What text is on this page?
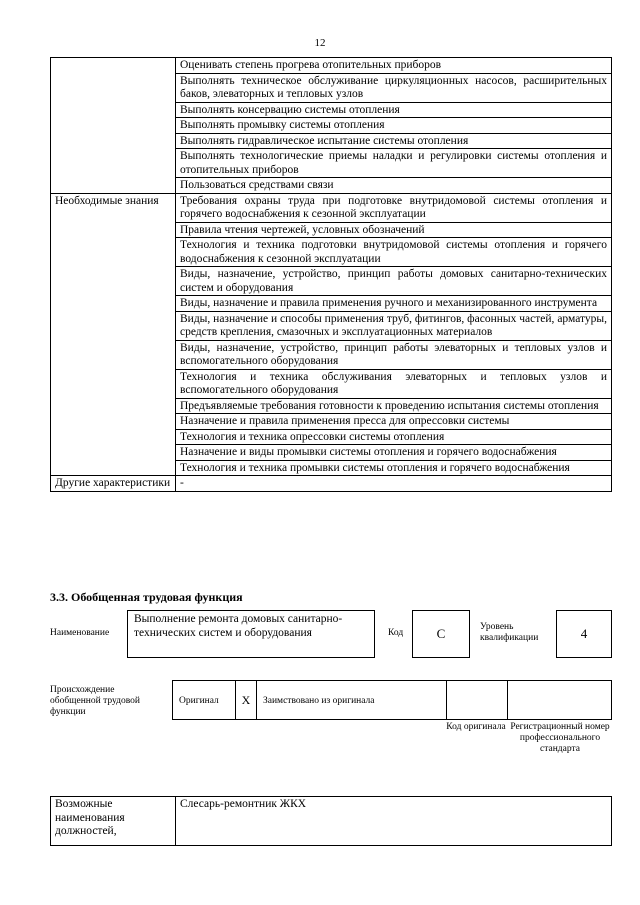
12
	Оценивать степень прогрева отопительных приборов
	Выполнять техническое обслуживание циркуляционных насосов, расширительных баков, элеваторных и тепловых узлов
	Выполнять консервацию системы отопления
	Выполнять промывку системы отопления
	Выполнять гидравлическое испытание системы отопления
	Выполнять технологические приемы наладки и регулировки системы отопления и отопительных приборов
	Пользоваться средствами связи
Необходимые знания	Требования охраны труда при подготовке внутридомовой системы отопления и горячего водоснабжения к сезонной эксплуатации
	Правила чтения чертежей, условных обозначений
	Технология и техника подготовки внутридомовой системы отопления и горячего водоснабжения к сезонной эксплуатации
	Виды, назначение, устройство, принцип работы домовых санитарно-технических систем и оборудования
	Виды, назначение и правила применения ручного и механизированного инструмента
	Виды, назначение и способы применения труб, фитингов, фасонных частей, арматуры, средств крепления, смазочных и эксплуатационных материалов
	Виды, назначение, устройство, принцип работы элеваторных и тепловых узлов и вспомогательного оборудования
	Технология и техника обслуживания элеваторных и тепловых узлов и вспомогательного оборудования
	Предъявляемые требования готовности к проведению испытания системы отопления
	Назначение и правила применения пресса для опрессовки системы
	Технология и техника опрессовки системы отопления
	Назначение и виды промывки системы отопления и горячего водоснабжения
	Технология и техника промывки системы отопления и горячего водоснабжения
Другие характеристики	-
3.3. Обобщенная трудовая функция
Наименование
Выполнение ремонта домовых санитарно-технических систем и оборудования	Код	C	Уровень квалификации	4
Происхождение обобщенной трудовой функции
Оригинал	X	Заимствовано из оригинала
Код оригинала Регистрационный номер профессионального стандарта
Возможные наименования должностей,	Слесарь-ремонтник ЖКХ
